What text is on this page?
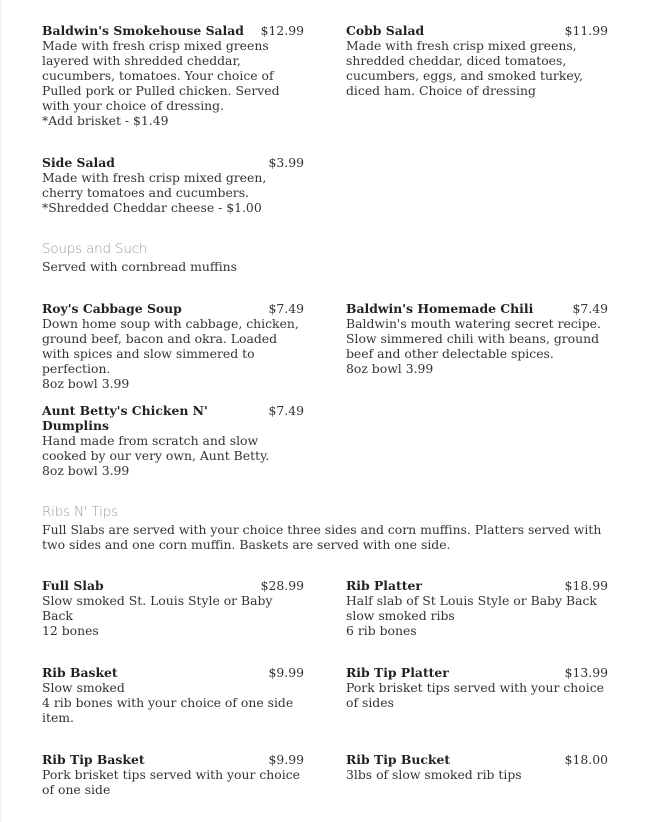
Baldwin's Smokehouse Salad $12.99
Made with fresh crisp mixed greens layered with shredded cheddar, cucumbers, tomatoes. Your choice of Pulled pork or Pulled chicken. Served with your choice of dressing.
*Add brisket - $1.49
Cobb Salad	$11.99
Made with fresh crisp mixed greens, shredded cheddar, diced tomatoes, cucumbers, eggs, and smoked turkey, diced ham. Choice of dressing
Side Salad	$3.99
Made with fresh crisp mixed green, cherry tomatoes and cucumbers.
*Shredded Cheddar cheese - $1.00
Soups and Such
Served with cornbread muffins
Roy's Cabbage Soup	$7.49
Down home soup with cabbage, chicken, ground beef, bacon and okra. Loaded with spices and slow simmered to perfection.
8oz bowl 3.99
Baldwin's Homemade Chili	$7.49
Baldwin's mouth watering secret recipe. Slow simmered chili with beans, ground beef and other delectable spices.
8oz bowl 3.99
Aunt Betty's Chicken N' Dumplins
$7.49
Hand made from scratch and slow cooked by our very own, Aunt Betty.
8oz bowl 3.99
Ribs N' Tips
Full Slabs are served with your choice three sides and corn muffins. Platters served with two sides and one corn muffin. Baskets are served with one side.
Full Slab	$28.99
Slow smoked St. Louis Style or Baby Back
12 bones
Rib Platter	$18.99
Half slab of St Louis Style or Baby Back slow smoked ribs
6 rib bones
Rib Basket	$9.99
Slow smoked
4 rib bones with your choice of one side item.
Rib Tip Platter	$13.99
Pork brisket tips served with your choice of sides
Rib Tip Basket	$9.99
Pork brisket tips served with your choice of one side
Rib Tip Bucket	$18.00
3lbs of slow smoked rib tips
